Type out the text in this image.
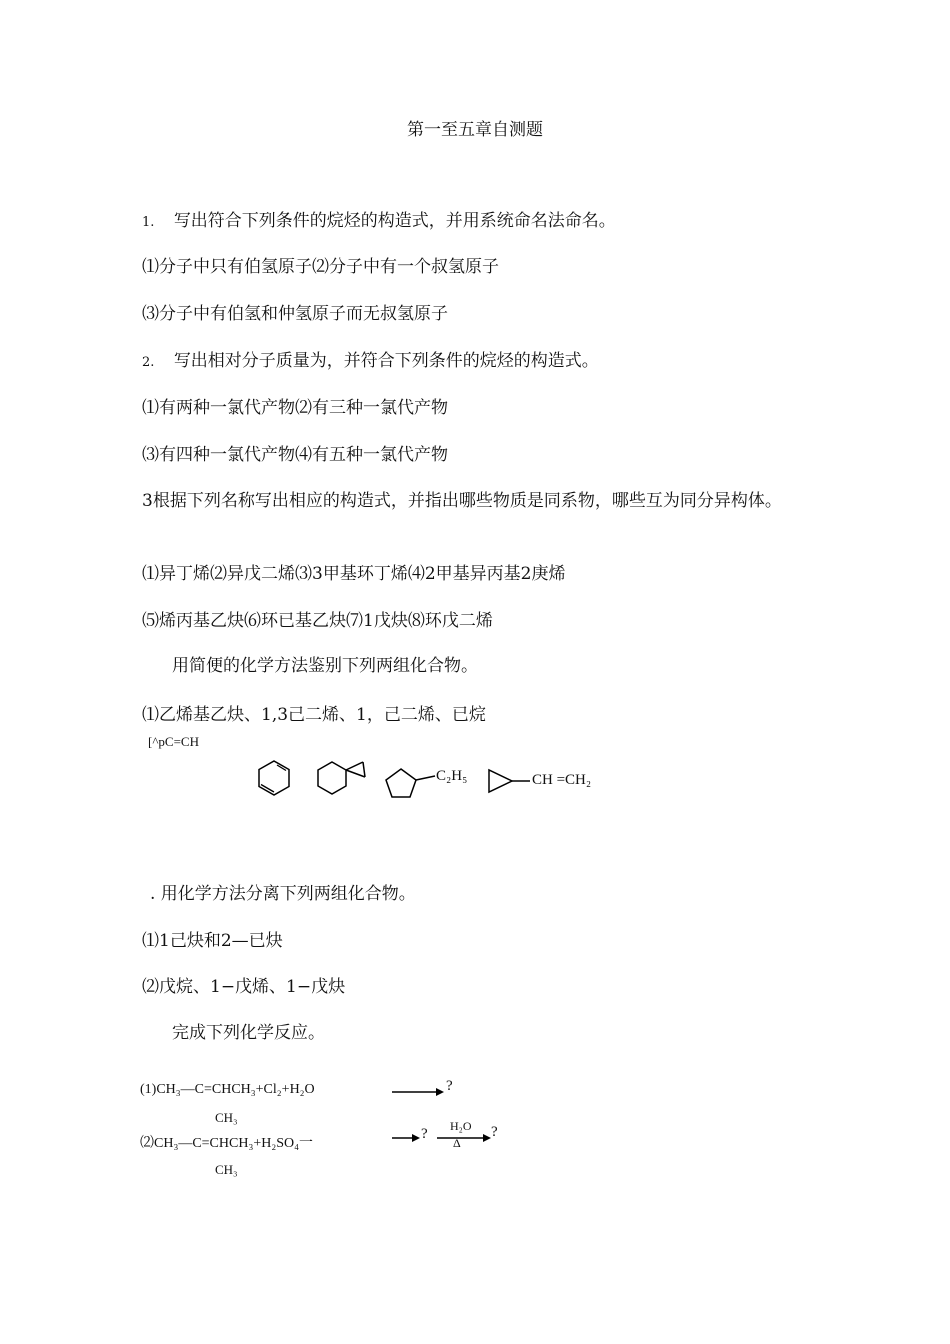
第一至五章自测题
1. 写出符合下列条件的烷烃的构造式，并用系统命名法命名。
⑴分子中只有伯氢原子⑵分子中有一个叔氢原子
⑶分子中有伯氢和仲氢原子而无叔氢原子
2. 写出相对分子质量为，并符合下列条件的烷烃的构造式。
⑴有两种一氯代产物⑵有三种一氯代产物
⑶有四种一氯代产物⑷有五种一氯代产物
3根据下列名称写出相应的构造式，并指出哪些物质是同系物，哪些互为同分异构体。
⑴异丁烯⑵异戊二烯⑶3甲基环丁烯⑷2甲基异丙基2庚烯
⑸烯丙基乙炔⑹环已基乙炔⑺1戊炔⑻环戊二烯
用简便的化学方法鉴别下列两组化合物。
⑴乙烯基乙炔、1,3己二烯、1，己二烯、已烷
[^pC=CH
C₂H₅	CH =CH₂
. 用化学方法分离下列两组化合物。
⑴1己炔和2—已炔
⑵戊烷、1−戊烯、1−戊炔
完成下列化学反应。
(1)CH₃—C=CHCH₃+Cl₂+H₂O	→ ?
CH₃
⑵CH₃—C=CHCH₃+H₂SO₄一	→ ? H₂O
Δ
?
CH₃
